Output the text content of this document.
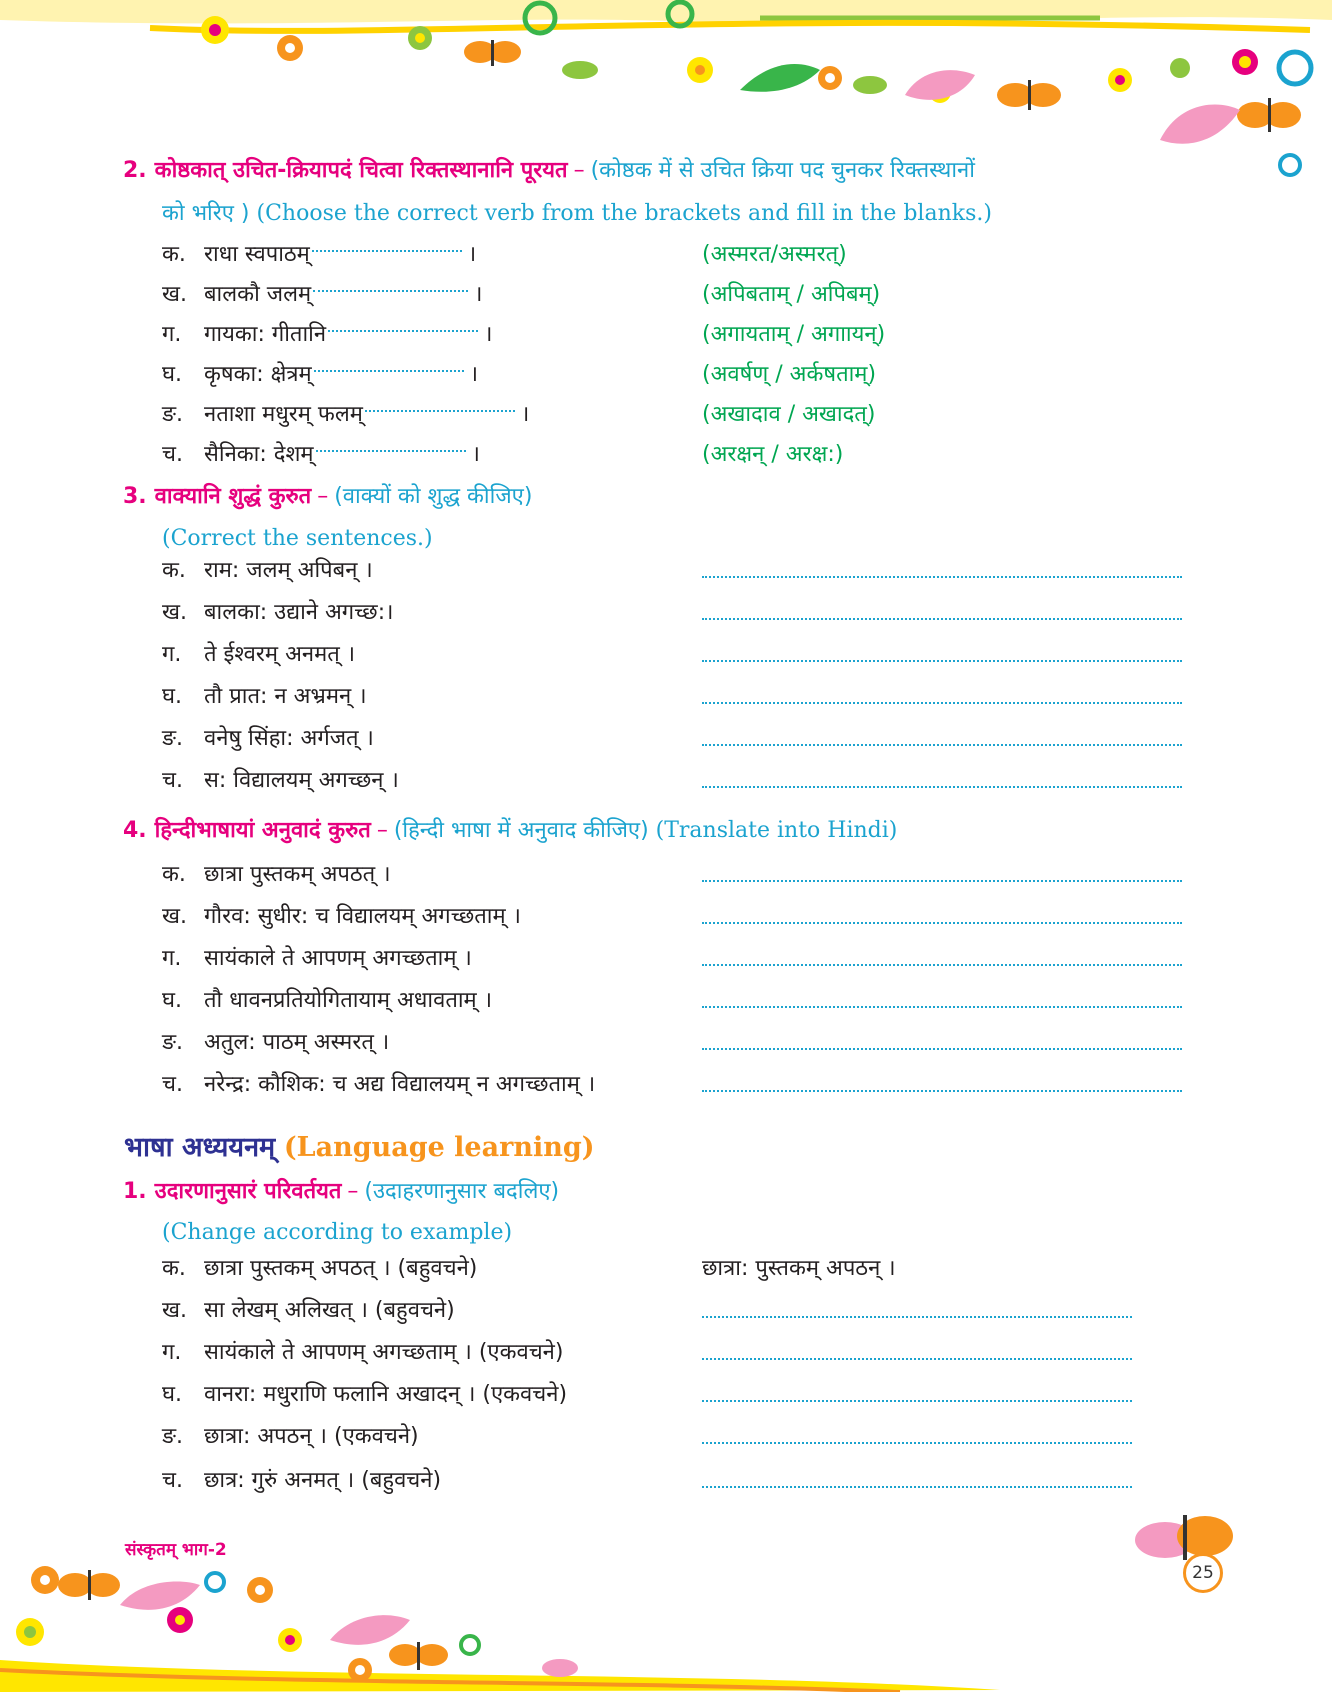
2. कोष्ठकात् उचित-क्रियापदं चित्वा रिक्तस्थानानि पूरयत – (कोष्ठक में से उचित क्रिया पद चुनकर रिक्तस्थानों
को भरिए ) (Choose the correct verb from the brackets and fill in the blanks.)
क. राधा स्वपाठम्	।	(अस्मरत/अस्मरत्)
ख. बालकौ जलम्	।	(अपिबताम् / अपिबम्)
ग. गायका: गीतानि	।	(अगायताम् / अगाायन्)
घ. कृषका: क्षेत्रम्	।	(अवर्षण् / अर्कषताम्)
ङ. नताशा मधुरम् फलम्	।	(अखादाव / अखादत्)
च. सैनिका: देशम्	।	(अरक्षन् / अरक्ष:)
3. वाक्यानि शुद्धं कुरुत – (वाक्यों को शुद्ध कीजिए)
(Correct the sentences.)
क. राम: जलम् अपिबन् ।
ख. बालका: उद्याने अगच्छ:।
ग. ते ईश्वरम् अनमत् ।
घ. तौ प्रात: न अभ्रमन् ।
ङ. वनेषु सिंहा: अर्गजत् ।
च. स: विद्यालयम् अगच्छन् ।
4. हिन्दीभाषायां अनुवादं कुरुत – (हिन्दी भाषा में अनुवाद कीजिए) (Translate into Hindi)
क. छात्रा पुस्तकम् अपठत् ।
ख. गौरव: सुधीर: च विद्यालयम् अगच्छताम् ।
ग. सायंकाले ते आपणम् अगच्छताम् ।
घ. तौ धावनप्रतियोगितायाम् अधावताम् ।
ङ. अतुल: पाठम् अस्मरत् ।
च. नरेन्द्र: कौशिक: च अद्य विद्यालयम् न अगच्छताम् ।
भाषा अध्ययनम् (Language learning)
1. उदारणानुसारं परिवर्तयत – (उदाहरणानुसार बदलिए)
(Change according to example)
क. छात्रा पुस्तकम् अपठत् । (बहुवचने)	छात्रा: पुस्तकम् अपठन् ।
ख. सा लेखम् अलिखत् । (बहुवचने)
ग. सायंकाले ते आपणम् अगच्छताम् । (एकवचने)
घ. वानरा: मधुराणि फलानि अखादन् । (एकवचने)
ङ. छात्रा: अपठन् । (एकवचने)
च. छात्र: गुरुं अनमत् । (बहुवचने)
संस्कृतम् भाग-2
25
